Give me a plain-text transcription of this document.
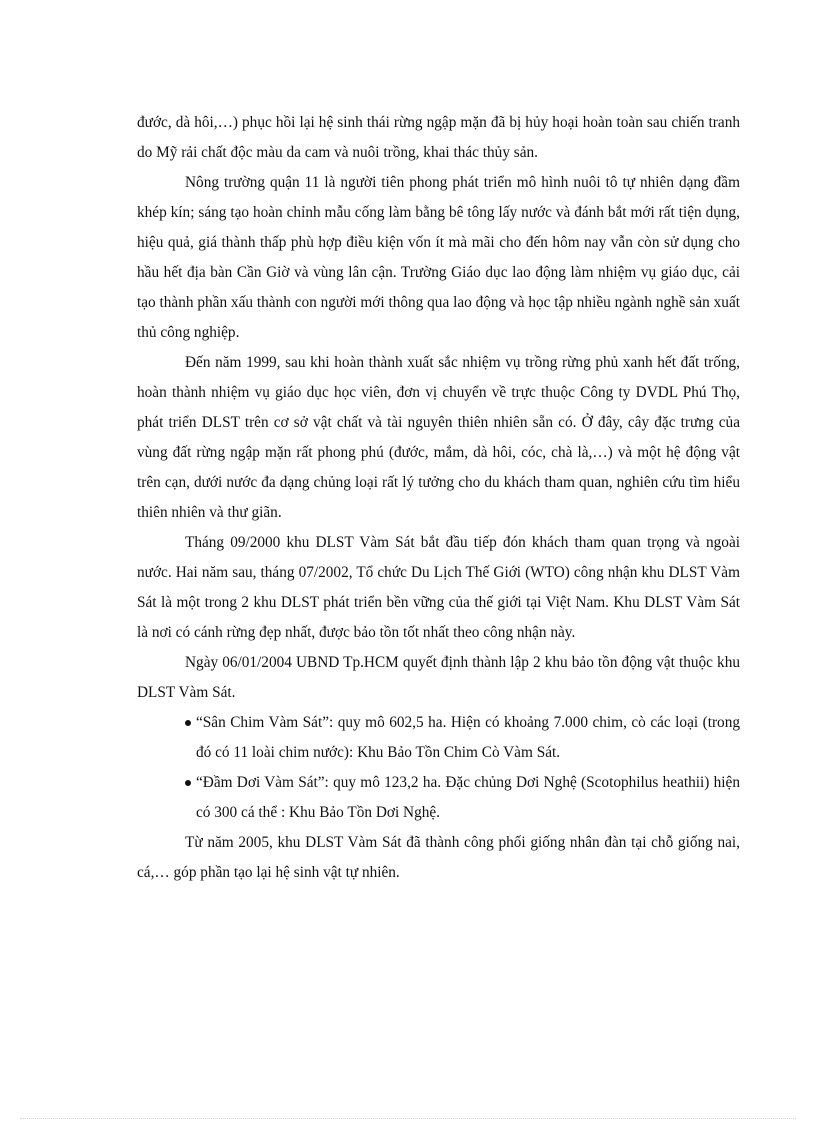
đước, dà hôi,…) phục hồi lại hệ sinh thái rừng ngập mặn đã bị hủy hoại hoàn toàn sau chiến tranh do Mỹ rải chất độc màu da cam và nuôi trồng, khai thác thủy sản.

Nông trường quận 11 là người tiên phong phát triển mô hình nuôi tô tự nhiên dạng đầm khép kín; sáng tạo hoàn chỉnh mẫu cống làm bằng bê tông lấy nước và đánh bắt mới rất tiện dụng, hiệu quả, giá thành thấp phù hợp điều kiện vốn ít mà mãi cho đến hôm nay vẫn còn sử dụng cho hầu hết địa bàn Cần Giờ và vùng lân cận. Trường Giáo dục lao động làm nhiệm vụ giáo dục, cải tạo thành phần xấu thành con người mới thông qua lao động và học tập nhiều ngành nghề sản xuất thủ công nghiệp.

Đến năm 1999, sau khi hoàn thành xuất sắc nhiệm vụ trồng rừng phủ xanh hết đất trống, hoàn thành nhiệm vụ giáo dục học viên, đơn vị chuyển về trực thuộc Công ty DVDL Phú Thọ, phát triển DLST trên cơ sở vật chất và tài nguyên thiên nhiên sẵn có. Ở đây, cây đặc trưng của vùng đất rừng ngập mặn rất phong phú (đước, mắm, dà hôi, cóc, chà là,…) và một hệ động vật trên cạn, dưới nước đa dạng chủng loại rất lý tưởng cho du khách tham quan, nghiên cứu tìm hiểu thiên nhiên và thư giãn.

Tháng 09/2000 khu DLST Vàm Sát bắt đầu tiếp đón khách tham quan trọng và ngoài nước. Hai năm sau, tháng 07/2002, Tổ chức Du Lịch Thế Giới (WTO) công nhận khu DLST Vàm Sát là một trong 2 khu DLST phát triển bền vững của thế giới tại Việt Nam. Khu DLST Vàm Sát là nơi có cánh rừng đẹp nhất, được bảo tồn tốt nhất theo công nhận này.

Ngày 06/01/2004 UBND Tp.HCM quyết định thành lập 2 khu bảo tồn động vật thuộc khu DLST Vàm Sát.

“Sân Chim Vàm Sát”: quy mô 602,5 ha. Hiện có khoảng 7.000 chim, cò các loại (trong đó có 11 loài chim nước): Khu Bảo Tồn Chim Cò Vàm Sát.
“Đầm Dơi Vàm Sát”: quy mô 123,2 ha. Đặc chủng Dơi Nghệ (Scotophilus heathii) hiện có 300 cá thể : Khu Bảo Tồn Dơi Nghệ.

Từ năm 2005, khu DLST Vàm Sát đã thành công phối giống nhân đàn tại chỗ giống nai, cá,… góp phần tạo lại hệ sinh vật tự nhiên.
